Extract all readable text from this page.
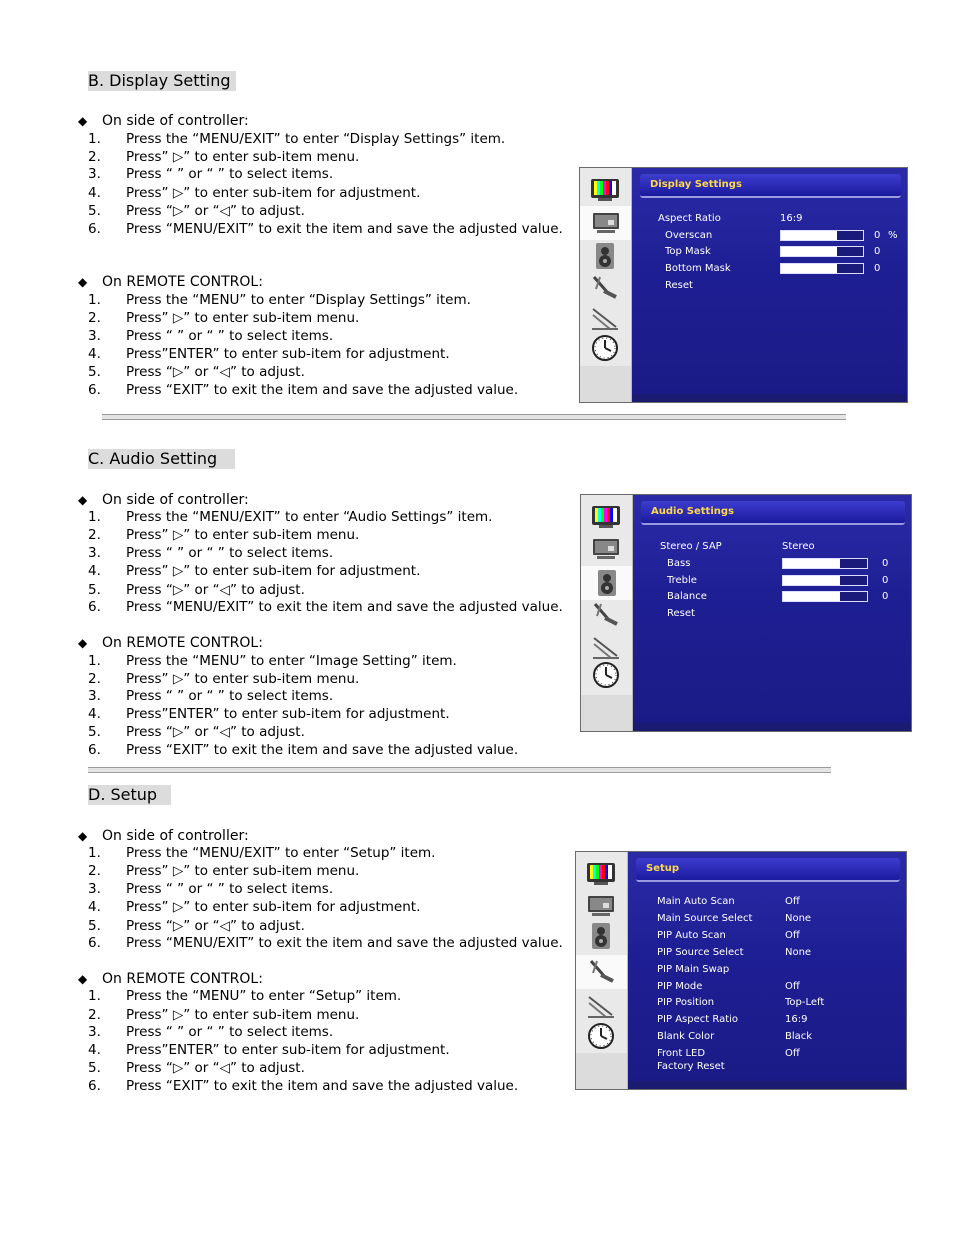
B. Display Setting
◆ On side of controller:
1. Press the “MENU/EXIT” to enter “Display Settings” item.
2. Press” ▷” to enter sub-item menu.
3. Press “ ” or “ ” to select items.
4. Press” ▷” to enter sub-item for adjustment.
5. Press “▷” or “◁” to adjust.
6. Press “MENU/EXIT” to exit the item and save the adjusted value.
◆ On REMOTE CONTROL:
1. Press the “MENU” to enter “Display Settings” item.
2. Press” ▷” to enter sub-item menu.
3. Press “ ” or “ ” to select items.
4. Press”ENTER” to enter sub-item for adjustment.
5. Press “▷” or “◁” to adjust.
6. Press “EXIT” to exit the item and save the adjusted value.
Display Settings
Aspect Ratio	16:9
Overscan	0 %
Top Mask	0
Bottom Mask	0
Reset
C. Audio Setting
◆ On side of controller:
1. Press the “MENU/EXIT” to enter “Audio Settings” item.
2. Press” ▷” to enter sub-item menu.
3. Press “ ” or “ ” to select items.
4. Press” ▷” to enter sub-item for adjustment.
5. Press “▷” or “◁” to adjust.
6. Press “MENU/EXIT” to exit the item and save the adjusted value.
◆ On REMOTE CONTROL:
1. Press the “MENU” to enter “Image Setting” item.
2. Press” ▷” to enter sub-item menu.
3. Press “ ” or “ ” to select items.
4. Press”ENTER” to enter sub-item for adjustment.
5. Press “▷” or “◁” to adjust.
6. Press “EXIT” to exit the item and save the adjusted value.
Audio Settings
Stereo / SAP	Stereo
Bass	0
Treble	0
Balance	0
Reset
D. Setup
◆ On side of controller:
1. Press the “MENU/EXIT” to enter “Setup” item.
2. Press” ▷” to enter sub-item menu.
3. Press “ ” or “ ” to select items.
4. Press” ▷” to enter sub-item for adjustment.
5. Press “▷” or “◁” to adjust.
6. Press “MENU/EXIT” to exit the item and save the adjusted value.
◆ On REMOTE CONTROL:
1. Press the “MENU” to enter “Setup” item.
2. Press” ▷” to enter sub-item menu.
3. Press “ ” or “ ” to select items.
4. Press”ENTER” to enter sub-item for adjustment.
5. Press “▷” or “◁” to adjust.
6. Press “EXIT” to exit the item and save the adjusted value.
Setup
Main Auto Scan	Off
Main Source Select	None
PIP Auto Scan	Off
PIP Source Select	None
PIP Main Swap
PIP Mode	Off
PIP Position	Top-Left
PIP Aspect Ratio	16:9
Blank Color	Black
Front LED	Off
Factory Reset
